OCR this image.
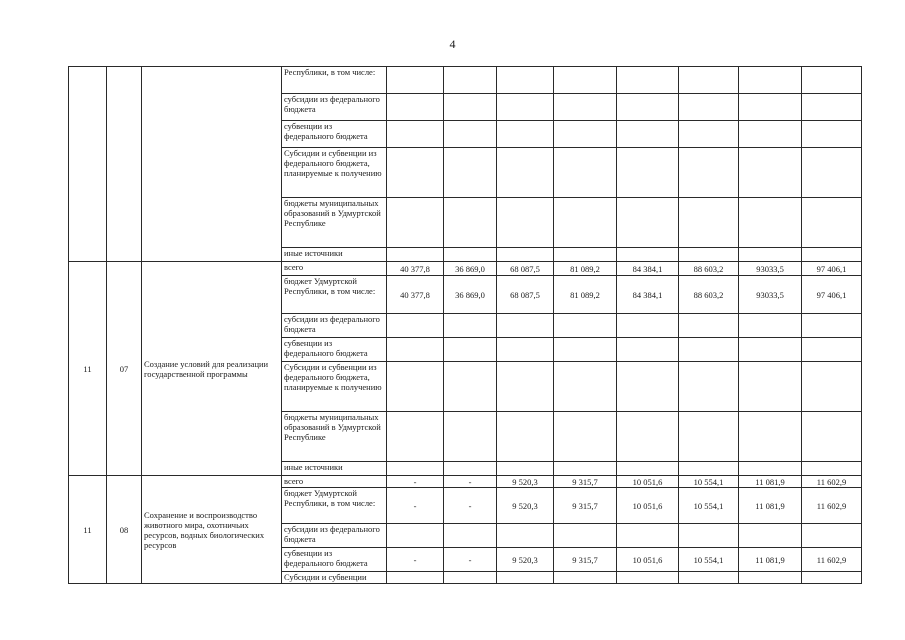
4
			Республики, в том числе:								
			субсидии из федерального бюджета								
			субвенции из федерального бюджета								
			Субсидии и субвенции из федерального бюджета, планируемые к получению								
			бюджеты муниципальных образований в Удмуртской Республике								
			иные источники								
11	07	Создание условий для реализации государственной программы	всего	40 377,8	36 869,0	68 087,5	81 089,2	84 384,1	88 603,2	93033,5	97 406,1
			бюджет Удмуртской Республики, в том числе:	40 377,8	36 869,0	68 087,5	81 089,2	84 384,1	88 603,2	93033,5	97 406,1
			субсидии из федерального бюджета								
			субвенции из федерального бюджета								
			Субсидии и субвенции из федерального бюджета, планируемые к получению								
			бюджеты муниципальных образований в Удмуртской Республике								
			иные источники								
11	08	Сохранение и воспроизводство животного мира, охотничьих ресурсов, водных биологических ресурсов	всего	-	-	9 520,3	9 315,7	10 051,6	10 554,1	11 081,9	11 602,9
			бюджет Удмуртской Республики, в том числе:	-	-	9 520,3	9 315,7	10 051,6	10 554,1	11 081,9	11 602,9
			субсидии из федерального бюджета								
			субвенции из федерального бюджета	-	-	9 520,3	9 315,7	10 051,6	10 554,1	11 081,9	11 602,9
			Субсидии и субвенции								
